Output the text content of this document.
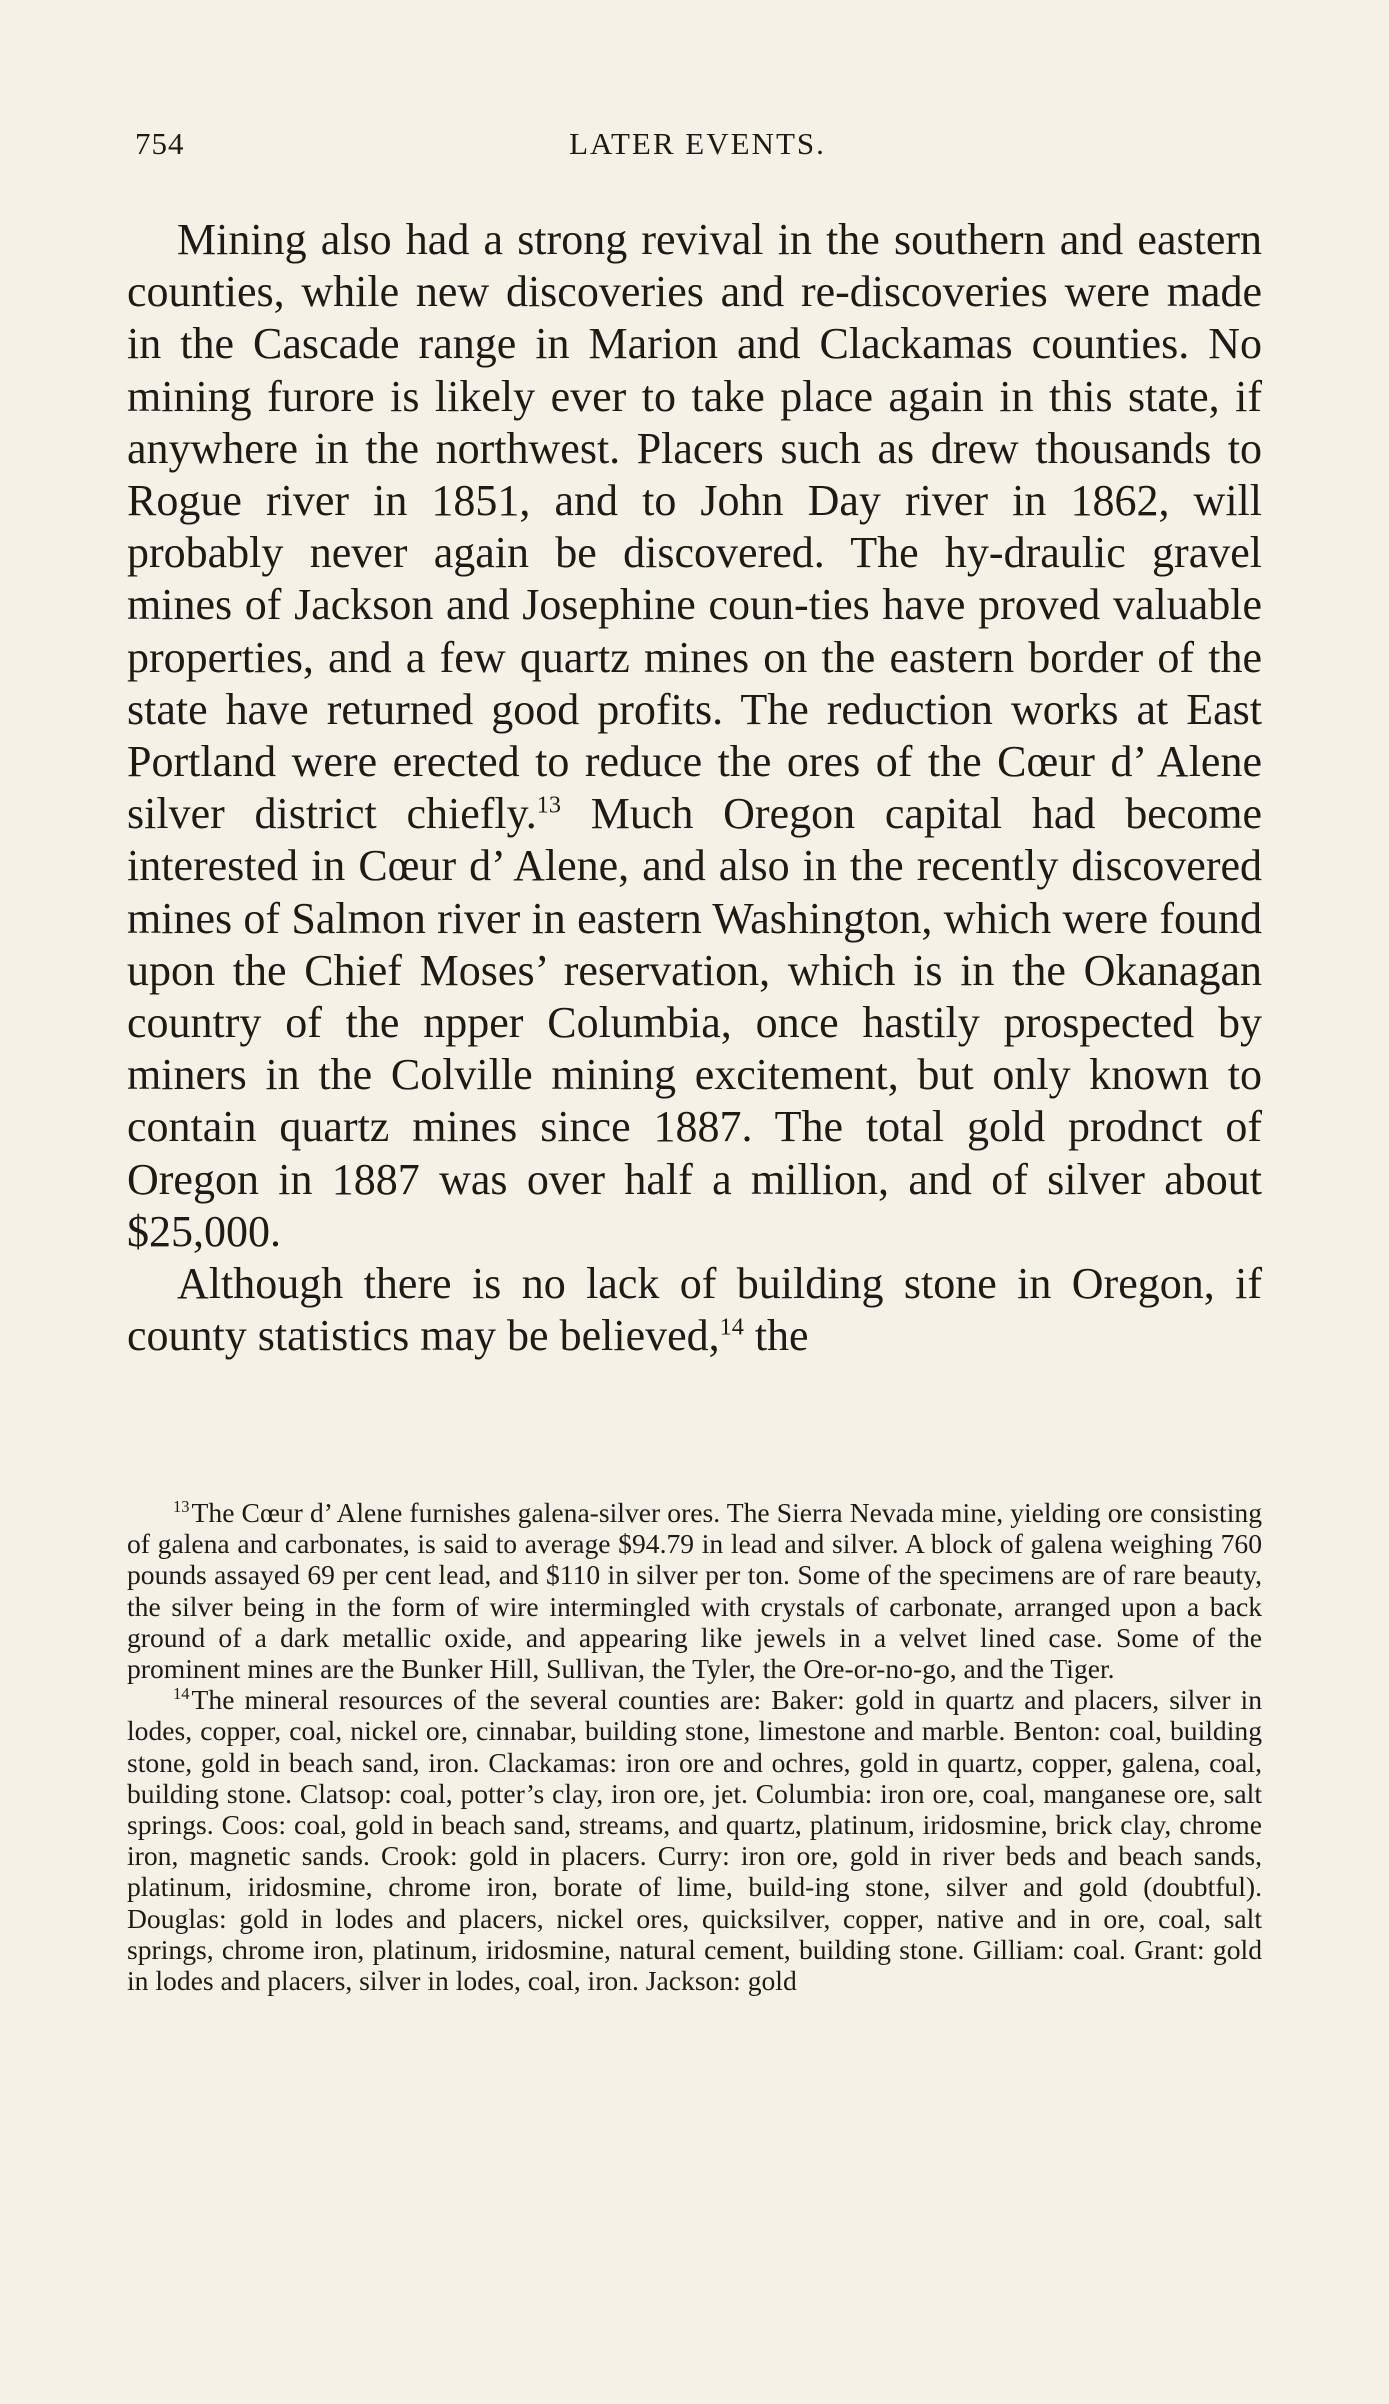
754	LATER EVENTS.

Mining also had a strong revival in the southern and eastern counties, while new discoveries and re-discoveries were made in the Cascade range in Marion and Clackamas counties. No mining furore is likely ever to take place again in this state, if anywhere in the northwest. Placers such as drew thousands to Rogue river in 1851, and to John Day river in 1862, will probably never again be discovered. The hy-draulic gravel mines of Jackson and Josephine coun-ties have proved valuable properties, and a few quartz mines on the eastern border of the state have returned good profits. The reduction works at East Portland were erected to reduce the ores of the Cœur d’ Alene silver district chiefly.$^{13}$ Much Oregon capital had become interested in Cœur d’ Alene, and also in the recently discovered mines of Salmon river in eastern Washington, which were found upon the Chief Moses’ reservation, which is in the Okanagan country of the npper Columbia, once hastily prospected by miners in the Colville mining excitement, but only known to contain quartz mines since 1887. The total gold prodnct of Oregon in 1887 was over half a million, and of silver about $25,000.

Although there is no lack of building stone in Oregon, if county statistics may be believed,$^{14}$ the

$^{13}$The Cœur d’ Alene furnishes galena-silver ores. The Sierra Nevada mine, yielding ore consisting of galena and carbonates, is said to average $94.79 in lead and silver. A block of galena weighing 760 pounds assayed 69 per cent lead, and $110 in silver per ton. Some of the specimens are of rare beauty, the silver being in the form of wire intermingled with crystals of carbonate, arranged upon a back ground of a dark metallic oxide, and appearing like jewels in a velvet lined case. Some of the prominent mines are the Bunker Hill, Sullivan, the Tyler, the Ore-or-no-go, and the Tiger.

$^{14}$The mineral resources of the several counties are: Baker: gold in quartz and placers, silver in lodes, copper, coal, nickel ore, cinnabar, building stone, limestone and marble. Benton: coal, building stone, gold in beach sand, iron. Clackamas: iron ore and ochres, gold in quartz, copper, galena, coal, building stone. Clatsop: coal, potter’s clay, iron ore, jet. Columbia: iron ore, coal, manganese ore, salt springs. Coos: coal, gold in beach sand, streams, and quartz, platinum, iridosmine, brick clay, chrome iron, magnetic sands. Crook: gold in placers. Curry: iron ore, gold in river beds and beach sands, platinum, iridosmine, chrome iron, borate of lime, build-ing stone, silver and gold (doubtful). Douglas: gold in lodes and placers, nickel ores, quicksilver, copper, native and in ore, coal, salt springs, chrome iron, platinum, iridosmine, natural cement, building stone. Gilliam: coal. Grant: gold in lodes and placers, silver in lodes, coal, iron. Jackson: gold
